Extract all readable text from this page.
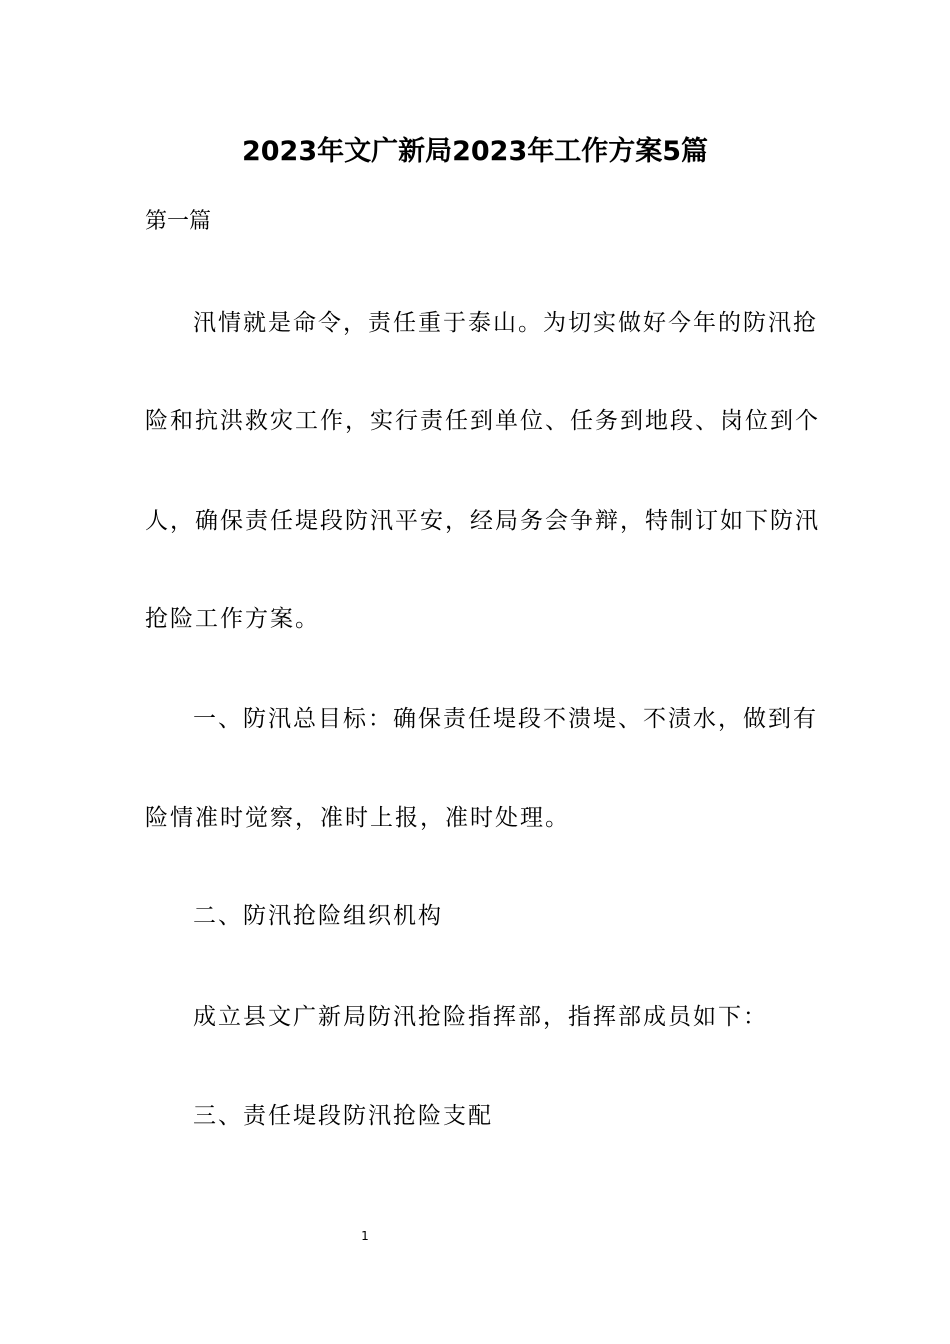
2023年文广新局2023年工作方案5篇
第一篇
汛情就是命令，责任重于泰山。为切实做好今年的防汛抢
险和抗洪救灾工作，实行责任到单位、任务到地段、岗位到个
人，确保责任堤段防汛平安，经局务会争辩，特制订如下防汛
抢险工作方案。
一、防汛总目标：确保责任堤段不溃堤、不渍水，做到有
险情准时觉察，准时上报，准时处理。
二、防汛抢险组织机构
成立县文广新局防汛抢险指挥部，指挥部成员如下：
三、责任堤段防汛抢险支配
1
